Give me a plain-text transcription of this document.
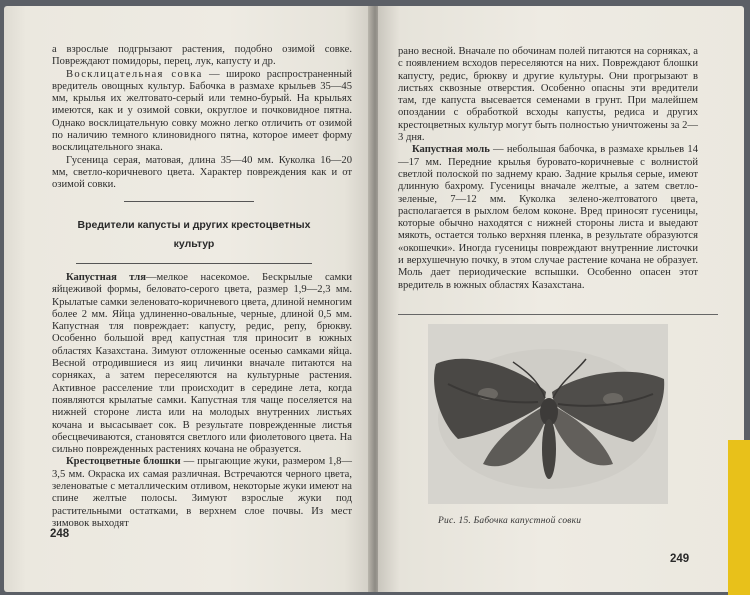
а взрослые подгрызают растения, подобно озимой совке. Повреждают помидоры, перец, лук, капусту и др.

Восклицательная совка — широко распространенный вредитель овощных культур. Бабочка в размахе крыльев 35—45 мм, крылья их желтовато-серый или темно-бурый. На крыльях имеются, как и у озимой совки, округлое и почковидное пятна. Однако восклицательную совку можно легко отличить от озимой по наличию темного клиновидного пятна, которое имеет форму восклицательного знака.

Гусеница серая, матовая, длина 35—40 мм. Куколка 16—20 мм, светло-коричневого цвета. Характер повреждения как и от озимой совки.

Вредители капусты и других крестоцветных культур

Капустная тля—мелкое насекомое. Бескрылые самки яйцеживой формы, беловато-серого цвета, размер 1,9—2,3 мм. Крылатые самки зеленовато-коричневого цвета, длиной немногим более 2 мм. Яйца удлиненно-овальные, черные, длиной 0,5 мм. Капустная тля повреждает: капусту, редис, репу, брюкву. Особенно большой вред капустная тля приносит в южных областях Казахстана. Зимуют отложенные осенью самками яйца. Весной отродившиеся из яиц личинки вначале питаются на сорняках, а затем переселяются на культурные растения. Активное расселение тли происходит в середине лета, когда появляются крылатые самки. Капустная тля чаще поселяется на нижней стороне листа или на молодых внутренних листьях кочана и высасывает сок. В результате поврежденные листья обесцвечиваются, становятся светлого или фиолетового цвета. На сильно поврежденных растениях кочана не образуется.

Крестоцветные блошки — прыгающие жуки, размером 1,8—3,5 мм. Окраска их самая различная. Встречаются черного цвета, зеленоватые с металлическим отливом, некоторые жуки имеют на спине желтые полосы. Зимуют взрослые жуки под растительными остатками, в верхнем слое почвы. Из мест зимовок выходят

248

рано весной. Вначале по обочинам полей питаются на сорняках, а с появлением всходов переселяются на них. Повреждают блошки капусту, редис, брюкву и другие культуры. Они прогрызают в листьях сквозные отверстия. Особенно опасны эти вредители там, где капуста высевается семенами в грунт. При малейшем опоздании с обработкой всходы капусты, редиса и других крестоцветных культур могут быть полностью уничтожены за 2—3 дня.

Капустная моль — небольшая бабочка, в размахе крыльев 14—17 мм. Передние крылья буровато-коричневые с волнистой светлой полоской по заднему краю. Задние крылья серые, имеют длинную бахрому. Гусеницы вначале желтые, а затем светло-зеленые, 7—12 мм. Куколка зелено-желтоватого цвета, располагается в рыхлом белом коконе. Вред приносят гусеницы, которые обычно находятся с нижней стороны листа и выедают мякоть, остается только верхняя пленка, в результате образуются «окошечки». Иногда гусеницы повреждают внутренние листочки и верхушечную почку, в этом случае растение кочана не образует. Моль дает периодические вспышки. Особенно опасен этот вредитель в южных областях Казахстана.

Рис. 15. Бабочка капустной совки
249
